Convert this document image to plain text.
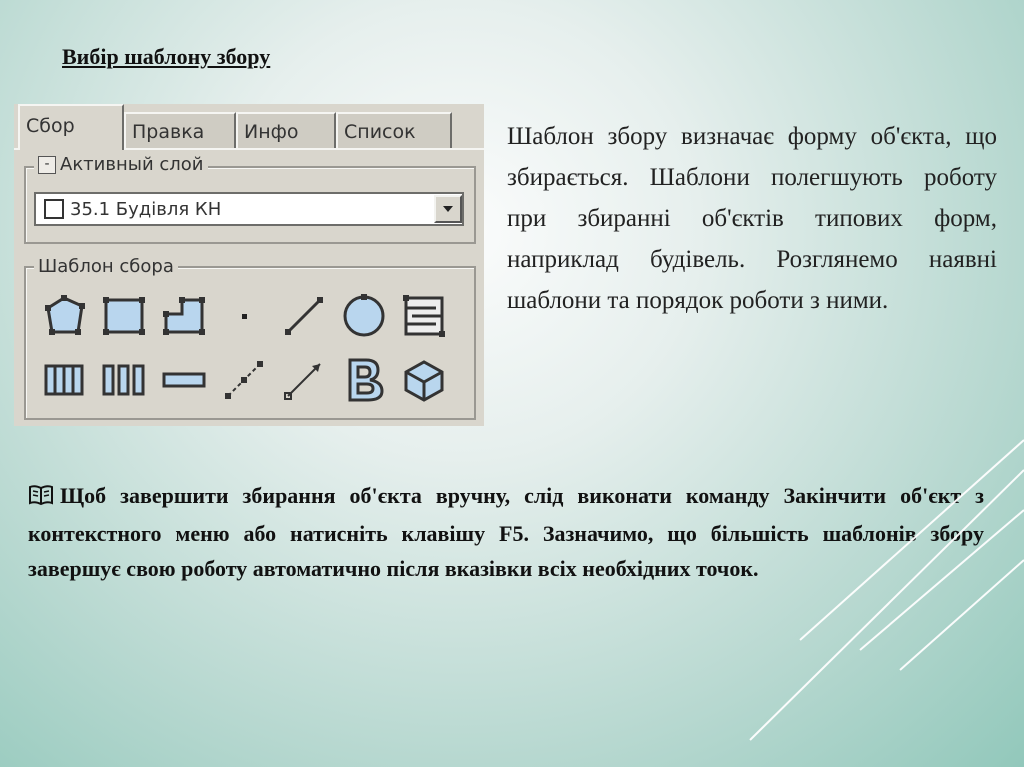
Вибір шаблону збору
Сбор	Правка	Инфо	Список
- Активный слой
35.1 Будівля КН
Шаблон сбора
Шаблон збору визначає форму об'єкта, що збирається. Шаблони полегшують роботу при збиранні об'єктів типових форм, наприклад будівель. Розглянемо наявні шаблони та порядок роботи з ними.
Щоб завершити збирання об'єкта вручну, слід виконати команду Закінчити об'єкт з контекстного меню або натисніть клавішу F5. Зазначимо, що більшість шаблонів збору завершує свою роботу автоматично після вказівки всіх необхідних точок.
